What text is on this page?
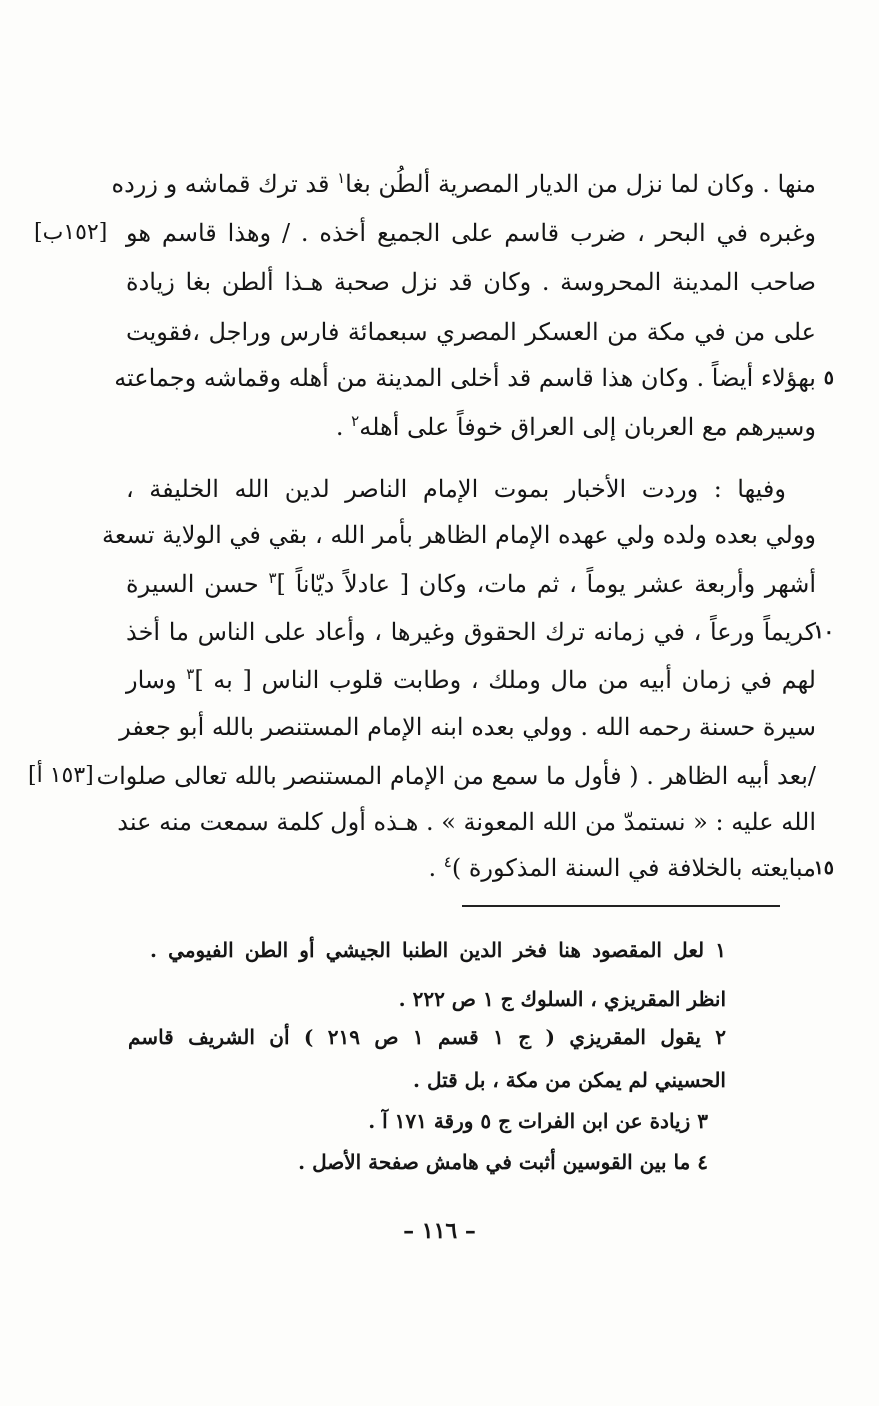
منها . وكان لما نزل من الديار المصرية ألطُن بغا$^١$ قد ترك قماشه و زرده
وغبره في البحر ، ضرب قاسم على الجميع أخذه . / وهذا قاسم هو
صاحب المدينة المحروسة . وكان قد نزل صحبة هـذا ألطن بغا زيادة
على من في مكة من العسكر المصري سبعمائة فارس وراجل ،فقويت
بهؤلاء أيضاً . وكان هذا قاسم قد أخلى المدينة من أهله وقماشه وجماعته
وسيرهم مع العربان إلى العراق خوفاً على أهله$^٢$ .
وفيها : وردت الأخبار بموت الإمام الناصر لدين الله الخليفة ،
وولي بعده ولده ولي عهده الإمام الظاهر بأمر الله ، بقي في الولاية تسعة
أشهر وأربعة عشر يوماً ، ثم مات، وكان [ عادلاً ديّاناً ]$^٣$ حسن السيرة
كريماً ورعاً ، في زمانه ترك الحقوق وغيرها ، وأعاد على الناس ما أخذ
لهم في زمان أبيه من مال وملك ، وطابت قلوب الناس [ به ]$^٣$ وسار
سيرة حسنة رحمه الله . وولي بعده ابنه الإمام المستنصر بالله أبو جعفر
/بعد أبيه الظاهر . ( فأول ما سمع من الإمام المستنصر بالله تعالى صلوات
الله عليه : « نستمدّ من الله المعونة » . هـذه أول كلمة سمعت منه عند
مبايعته بالخلافة في السنة المذكورة )$^٤$ .
٥
١٠
١٥
[١٥٢ب]
[١٥٣ أ]
١ لعل المقصود هنا فخر الدين الطنبا الجيشي أو الطن الفيومي .
انظر المقريزي ، السلوك ج ١ ص ٢٢٢ .
٢ يقول المقريزي ( ج ١ قسم ١ ص ٢١٩ ) أن الشريف قاسم
الحسيني لم يمكن من مكة ، بل قتل .
٣ زيادة عن ابن الفرات ج ٥ ورقة ١٧١ آ .
٤ ما بين القوسين أثبت في هامش صفحة الأصل .
– ١١٦ –
